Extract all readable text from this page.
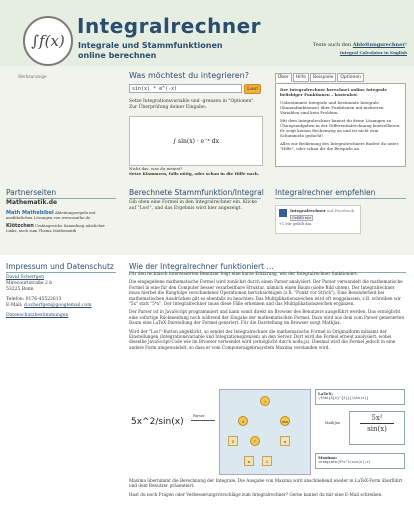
∫f(x)
Integralrechner
Integrale und Stammfunktionen online berechnen
Teste auch den Ableitungsrechner!
Integral Calculator in English
Werbeanzeige	Was möchtest du integrieren?
sin(x) * e^(-x)	Los!
Setze Integrationsvariable und -grenzen in "Optionen". Zur Überprüfung deiner Eingabe:
∫ sin(x) · e⁻ˣ dx
Nicht das, was du meinst?
Setze Klammern, falls nötig, oder schau in die Hilfe nach.
Über	Hilfe	Beispiele	Optionen

Der Integralrechner berechnet online Integrale beliebiger Funktionen – kostenlos!

Unbestimmte Integrale und bestimmte Integrale (Stammfunktionen) über Funktionen mit mehreren Variablen sind kein Problem.

Mit dem Integralrechner kannst du deine Lösungen zu Übungsaufgaben in der Differentialrechnung kontrollieren. Er zeigt keinen Rechenweg an und ist nicht zum Schummeln gedacht!

Alles zur Bedienung des Integralrechners findest du unter "Hilfe", oder schau dir die Beispiele an.

Partnerseiten
Mathematik.de
Math Mathebibel Ableitungsregeln mit ausführlichen Lösungen von www.mathe.de
Klötzchen Umfangreiche Sammlung nützlicher Links, auch zum Thema Mathematik
Berechnete Stammfunktion/Integral
Gib oben eine Formel in den Integralrechner ein. Klicke auf "Los!", und das Ergebnis wird hier angezeigt.
Integralrechner empfehlen
Integralrechner auf Facebook
Gefällt mir
+1 Mir gefällt das.
Impressum und Datenschutz
David Scherfgen
Mirecourtstraße 2 b
53225 Bonn
Telefon: 0176-45522613
E-Mail: d.scherfgen@googlemail.com
Datenschutzbestimmungen
Wie der Integralrechner funktioniert …

Für den technisch interessierten Benutzer folgt eine kurze Erklärung, wie der Integralrechner funktioniert.

Die eingegebene mathematische Formel wird zunächst durch einen Parser analysiert. Der Parser verwandelt die mathematische Formel in eine für den Computer besser verarbeitbare Struktur, nämlich einen Baum (siehe Bild unten). Der Integralrechner muss hierbei die Rangfolge verschiedener Operationen berücksichtigen (z.B. "Punkt vor Strich"). Eine Besonderheit bei mathematischen Ausdrücken gilt es ebenfalls zu beachten: Das Multiplikationszeichen wird oft weggelassen, z.B. schreiben wir "5x" statt "5*x". Der Integralrechner muss diese Fälle erkennen und das Multiplikationszeichen ergänzen.

Der Parser ist in JavaScript programmiert und kann somit direkt im Browser des Benutzers ausgeführt werden. Das ermöglicht eine sofortige Rückmeldung noch während der Eingabe der mathematischen Formel. Dazu wird aus dem vom Parser generierten Baum eine LaTeX-Darstellung der Formel generiert. Für die Darstellung im Browser sorgt MathJax.

Wird der "Los!"-Button angeklickt, so sendet der Integralrechner die mathematische Formel in Originalform mitsamt der Einstellungen (Integrationsvariable und Integrationsgrenzen) an den Server. Dort wird die Formel erneut analysiert, wobei dieselbe JavaScript-Code wie im Browser verwendet wird (ermöglicht durch node.js). Diesmal wird die Formel jedoch in eine andere Form umgewandelt, so dass er vom Computeralgebrasystem Maxima verstanden wird.

5x^2/sin(x)
Parser
÷
×	sin
5	^	x
x	2
LaTeX:
\frac{5{x}^{2}}{\sin(x)}
MathJax $\frac{\text{5x²}}{\sin(x)}$
Maxima:
integrate(5*x^2/sin(x),x)

Maxima übernimmt die Berechnung der Integrale. Die Ausgabe von Maxima wird anschließend wieder in LaTeX-Form überführt und dem Benutzer präsentiert.

Hast du noch Fragen oder Verbesserungsvorschläge zum Integralrechner? Gerne kannst du mir eine E-Mail schreiben.
